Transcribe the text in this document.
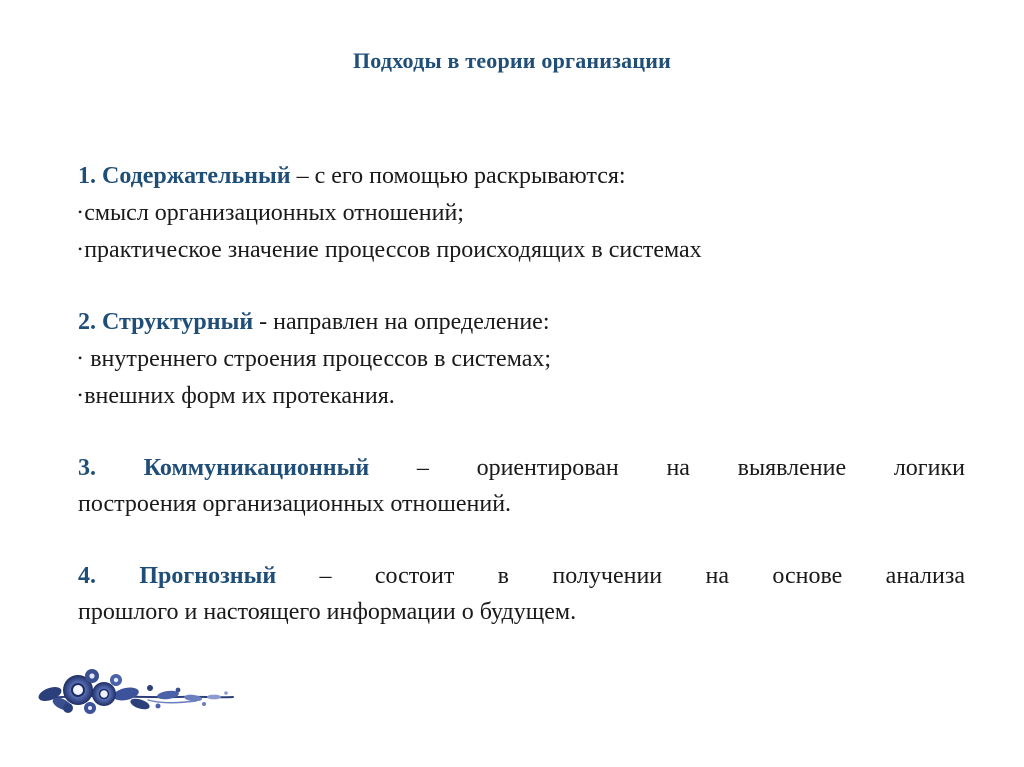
Подходы в теории организации
1. Содержательный – с его помощью раскрываются:
•смысл организационных отношений;
•практическое значение процессов происходящих в системах
2. Структурный - направлен на определение:
• внутреннего строения процессов в системах;
•внешних форм их протекания.
3. Коммуникационный – ориентирован на выявление логики
построения организационных отношений.
4. Прогнозный – состоит в получении на основе анализа
прошлого и настоящего информации о будущем.
